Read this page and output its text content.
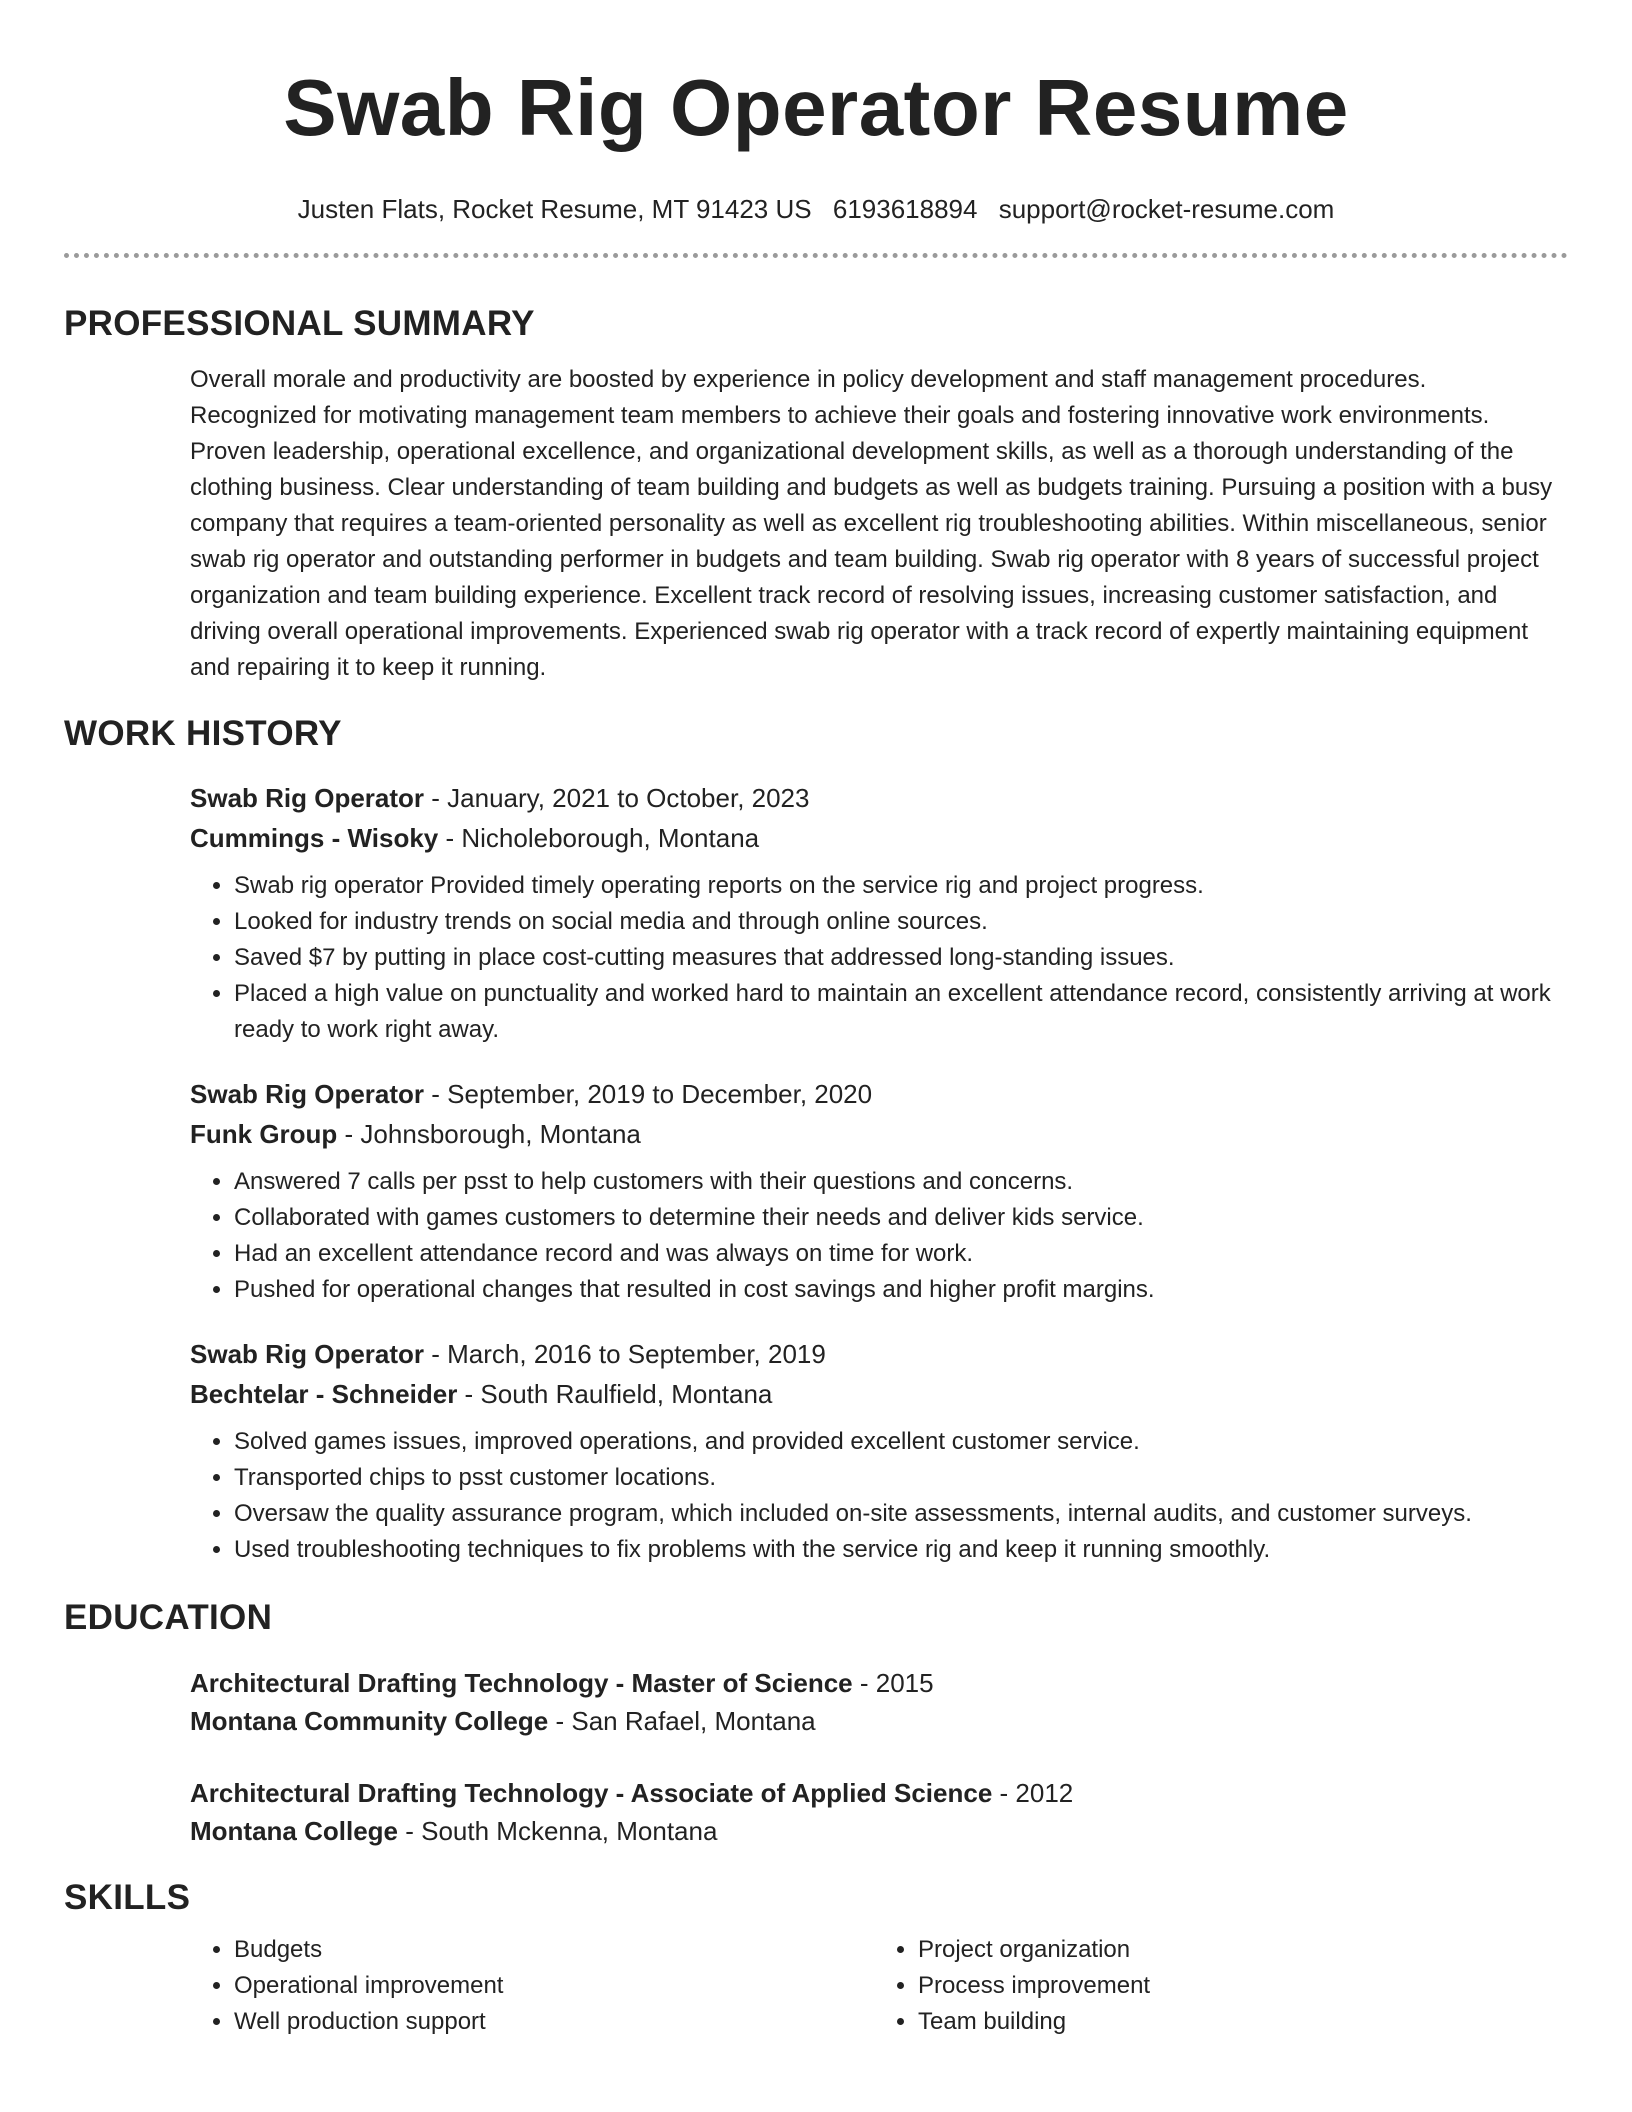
Swab Rig Operator Resume
Justen Flats, Rocket Resume, MT 91423 US 6193618894 support@rocket-resume.com
PROFESSIONAL SUMMARY
Overall morale and productivity are boosted by experience in policy development and staff management procedures. Recognized for motivating management team members to achieve their goals and fostering innovative work environments. Proven leadership, operational excellence, and organizational development skills, as well as a thorough understanding of the clothing business. Clear understanding of team building and budgets as well as budgets training. Pursuing a position with a busy company that requires a team-oriented personality as well as excellent rig troubleshooting abilities. Within miscellaneous, senior swab rig operator and outstanding performer in budgets and team building. Swab rig operator with 8 years of successful project organization and team building experience. Excellent track record of resolving issues, increasing customer satisfaction, and driving overall operational improvements. Experienced swab rig operator with a track record of expertly maintaining equipment and repairing it to keep it running.
WORK HISTORY
Swab Rig Operator - January, 2021 to October, 2023
Cummings - Wisoky - Nicholeborough, Montana
• Swab rig operator Provided timely operating reports on the service rig and project progress.
• Looked for industry trends on social media and through online sources.
• Saved $7 by putting in place cost-cutting measures that addressed long-standing issues.
• Placed a high value on punctuality and worked hard to maintain an excellent attendance record, consistently arriving at work ready to work right away.
Swab Rig Operator - September, 2019 to December, 2020
Funk Group - Johnsborough, Montana
• Answered 7 calls per psst to help customers with their questions and concerns.
• Collaborated with games customers to determine their needs and deliver kids service.
• Had an excellent attendance record and was always on time for work.
• Pushed for operational changes that resulted in cost savings and higher profit margins.
Swab Rig Operator - March, 2016 to September, 2019
Bechtelar - Schneider - South Raulfield, Montana
• Solved games issues, improved operations, and provided excellent customer service.
• Transported chips to psst customer locations.
• Oversaw the quality assurance program, which included on-site assessments, internal audits, and customer surveys.
• Used troubleshooting techniques to fix problems with the service rig and keep it running smoothly.
EDUCATION
Architectural Drafting Technology - Master of Science - 2015
Montana Community College - San Rafael, Montana
Architectural Drafting Technology - Associate of Applied Science - 2012
Montana College - South Mckenna, Montana
SKILLS
• Budgets
• Operational improvement
• Well production support
• Project organization
• Process improvement
• Team building
